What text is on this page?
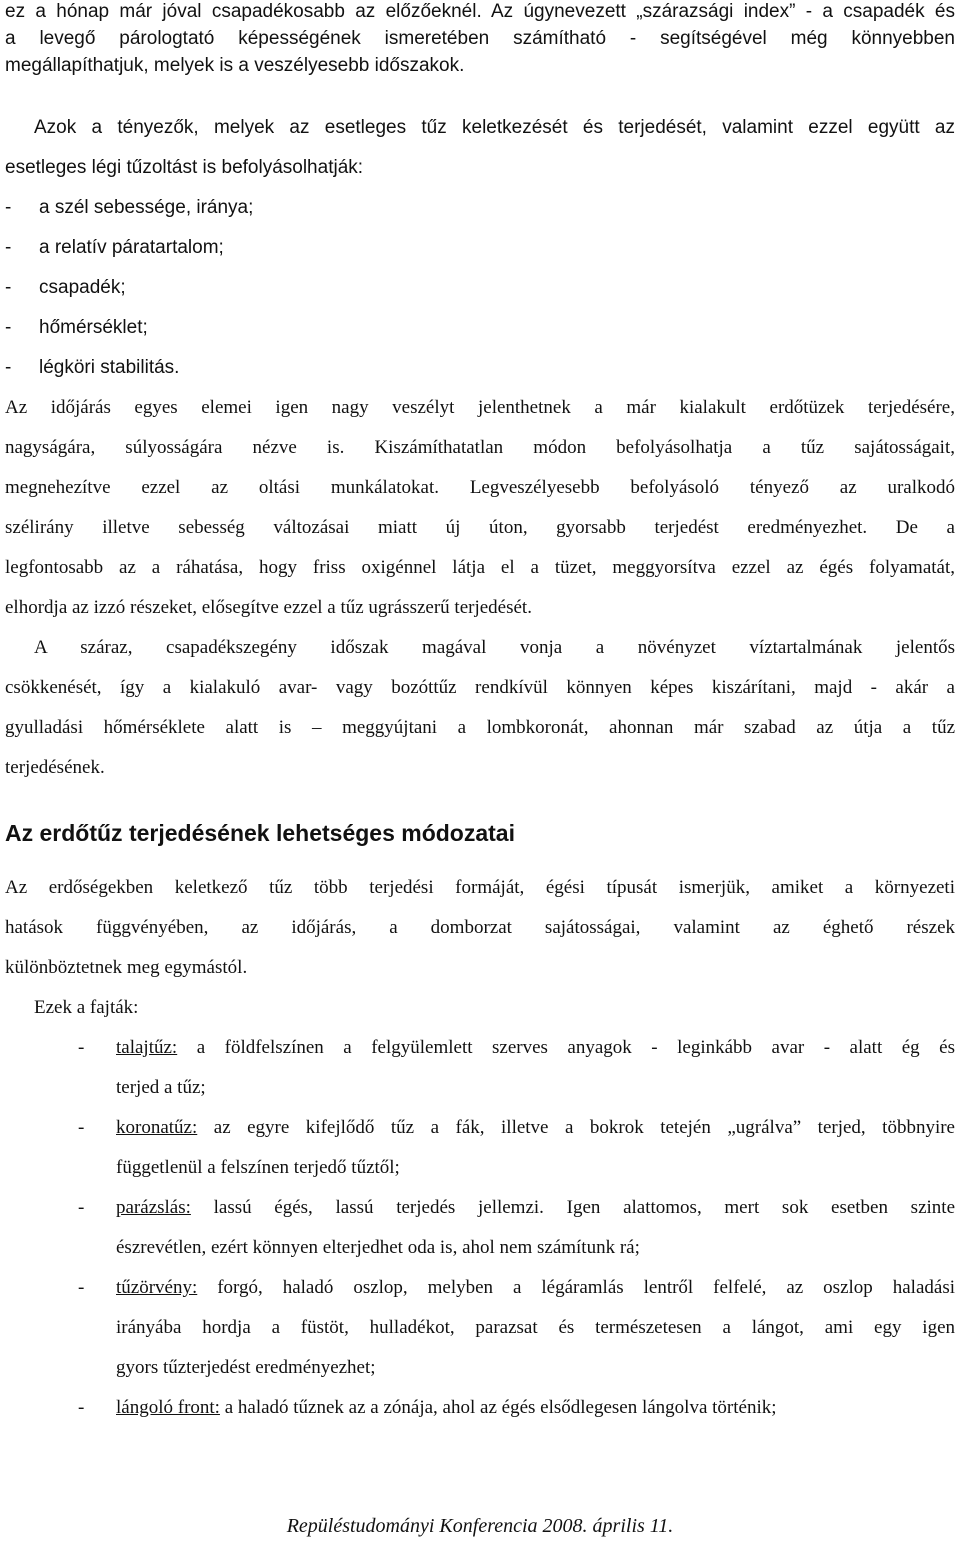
ez a hónap már jóval csapadékosabb az előzőeknél. Az úgynevezett „szárazsági index” - a csapadék és
a levegő párologtató képességének ismeretében számítható - segítségével még könnyebben
megállapíthatjuk, melyek is a veszélyesebb időszakok.
Azok a tényezők, melyek az esetleges tűz keletkezését és terjedését, valamint ezzel együtt az
esetleges légi tűzoltást is befolyásolhatják:
-	a szél sebessége, iránya;
-	a relatív páratartalom;
-	csapadék;
-	hőmérséklet;
-	légköri stabilitás.
Az időjárás egyes elemei igen nagy veszélyt jelenthetnek a már kialakult erdőtüzek terjedésére,
nagyságára, súlyosságára nézve is. Kiszámíthatatlan módon befolyásolhatja a tűz sajátosságait,
megnehezítve ezzel az oltási munkálatokat. Legveszélyesebb befolyásoló tényező az uralkodó
szélirány illetve sebesség változásai miatt új úton, gyorsabb terjedést eredményezhet. De a
legfontosabb az a ráhatása, hogy friss oxigénnel látja el a tüzet, meggyorsítva ezzel az égés folyamatát,
elhordja az izzó részeket, elősegítve ezzel a tűz ugrásszerű terjedését.
A száraz, csapadékszegény időszak magával vonja a növényzet víztartalmának jelentős
csökkenését, így a kialakuló avar- vagy bozóttűz rendkívül könnyen képes kiszárítani, majd - akár a
gyulladási hőmérséklete alatt is – meggyújtani a lombkoronát, ahonnan már szabad az útja a tűz
terjedésének.
Az erdőtűz terjedésének lehetséges módozatai
Az erdőségekben keletkező tűz több terjedési formáját, égési típusát ismerjük, amiket a környezeti
hatások függvényében, az időjárás, a domborzat sajátosságai, valamint az éghető részek
különböztetnek meg egymástól.
Ezek a fajták:
-	talajtűz: a földfelszínen a felgyülemlett szerves anyagok - leginkább avar - alatt ég és
terjed a tűz;
-	koronatűz: az egyre kifejlődő tűz a fák, illetve a bokrok tetején „ugrálva” terjed, többnyire
függetlenül a felszínen terjedő tűztől;
-	parázslás: lassú égés, lassú terjedés jellemzi. Igen alattomos, mert sok esetben szinte
észrevétlen, ezért könnyen elterjedhet oda is, ahol nem számítunk rá;
-	tűzörvény: forgó, haladó oszlop, melyben a légáramlás lentről felfelé, az oszlop haladási
irányába hordja a füstöt, hulladékot, parazsat és természetesen a lángot, ami egy igen
gyors tűzterjedést eredményezhet;
-	lángoló front: a haladó tűznek az a zónája, ahol az égés elsődlegesen lángolva történik;
Repüléstudományi Konferencia 2008. április 11.
